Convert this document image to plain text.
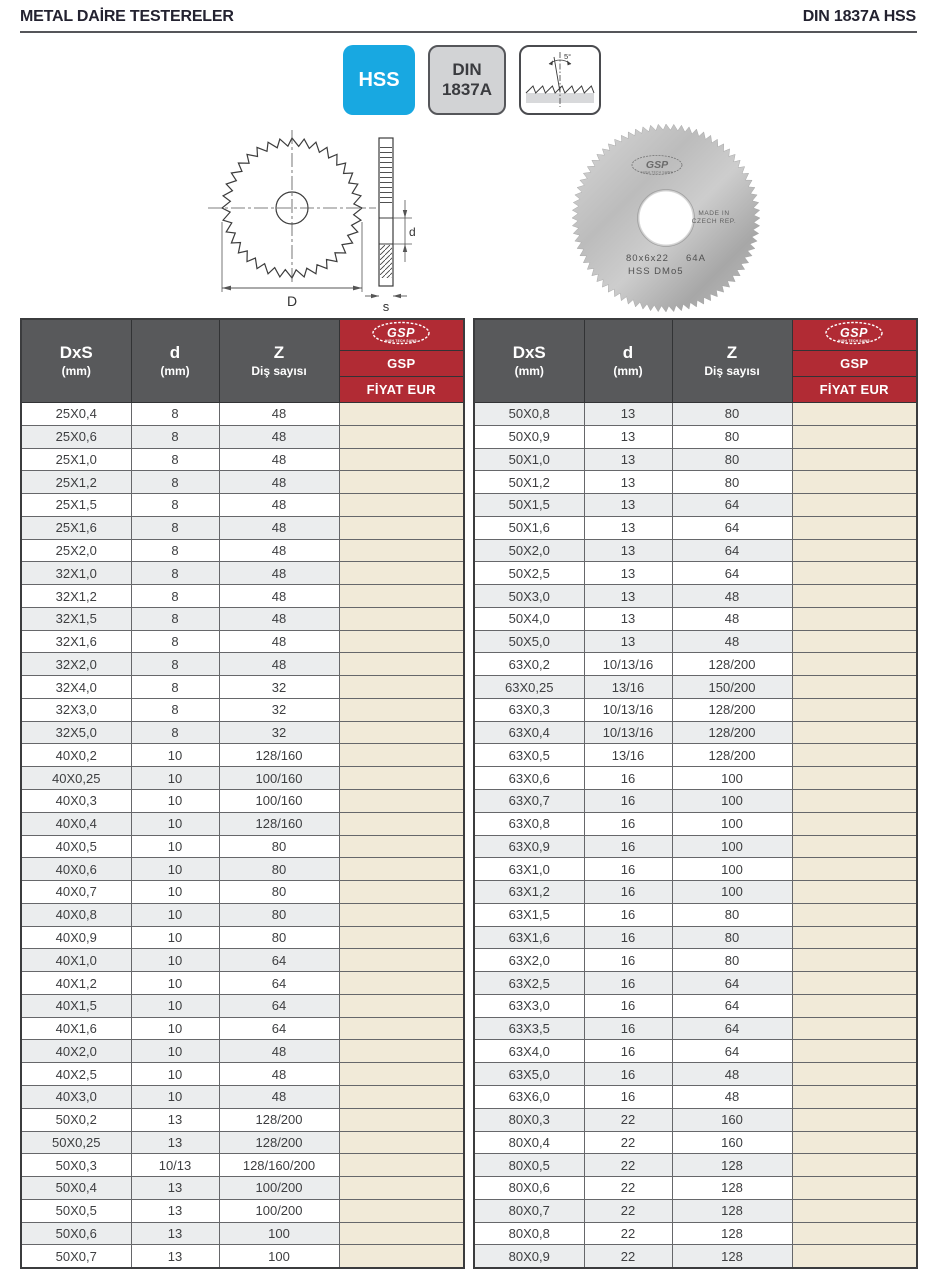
METAL DAİRE TESTERELER	DIN 1837A HSS
HSS	DIN
1837A
5°
D
d
s
GSP
HIGH TECH SAWS
MADE IN
CZECH REP.
80x6x22 64A
HSS DMo5
DxS
(mm)

d
(mm)

Z
Diş sayısı

GSP
HIGH TECH SAWS

			GSP
			FİYAT EUR
25X0,4	8	48	
25X0,6	8	48	
25X1,0	8	48	
25X1,2	8	48	
25X1,5	8	48	
25X1,6	8	48	
25X2,0	8	48	
32X1,0	8	48	
32X1,2	8	48	
32X1,5	8	48	
32X1,6	8	48	
32X2,0	8	48	
32X4,0	8	32	
32X3,0	8	32	
32X5,0	8	32	
40X0,2	10	128/160	
40X0,25	10	100/160	
40X0,3	10	100/160	
40X0,4	10	128/160	
40X0,5	10	80	
40X0,6	10	80	
40X0,7	10	80	
40X0,8	10	80	
40X0,9	10	80	
40X1,0	10	64	
40X1,2	10	64	
40X1,5	10	64	
40X1,6	10	64	
40X2,0	10	48	
40X2,5	10	48	
40X3,0	10	48	
50X0,2	13	128/200	
50X0,25	13	128/200	
50X0,3	10/13	128/160/200	
50X0,4	13	100/200	
50X0,5	13	100/200	
50X0,6	13	100	
50X0,7	13	100	
DxS
(mm)

d
(mm)

Z
Diş sayısı

GSP
HIGH TECH SAWS

			GSP
			FİYAT EUR
50X0,8	13	80	
50X0,9	13	80	
50X1,0	13	80	
50X1,2	13	80	
50X1,5	13	64	
50X1,6	13	64	
50X2,0	13	64	
50X2,5	13	64	
50X3,0	13	48	
50X4,0	13	48	
50X5,0	13	48	
63X0,2	10/13/16	128/200	
63X0,25	13/16	150/200	
63X0,3	10/13/16	128/200	
63X0,4	10/13/16	128/200	
63X0,5	13/16	128/200	
63X0,6	16	100	
63X0,7	16	100	
63X0,8	16	100	
63X0,9	16	100	
63X1,0	16	100	
63X1,2	16	100	
63X1,5	16	80	
63X1,6	16	80	
63X2,0	16	80	
63X2,5	16	64	
63X3,0	16	64	
63X3,5	16	64	
63X4,0	16	64	
63X5,0	16	48	
63X6,0	16	48	
80X0,3	22	160	
80X0,4	22	160	
80X0,5	22	128	
80X0,6	22	128	
80X0,7	22	128	
80X0,8	22	128	
80X0,9	22	128	
